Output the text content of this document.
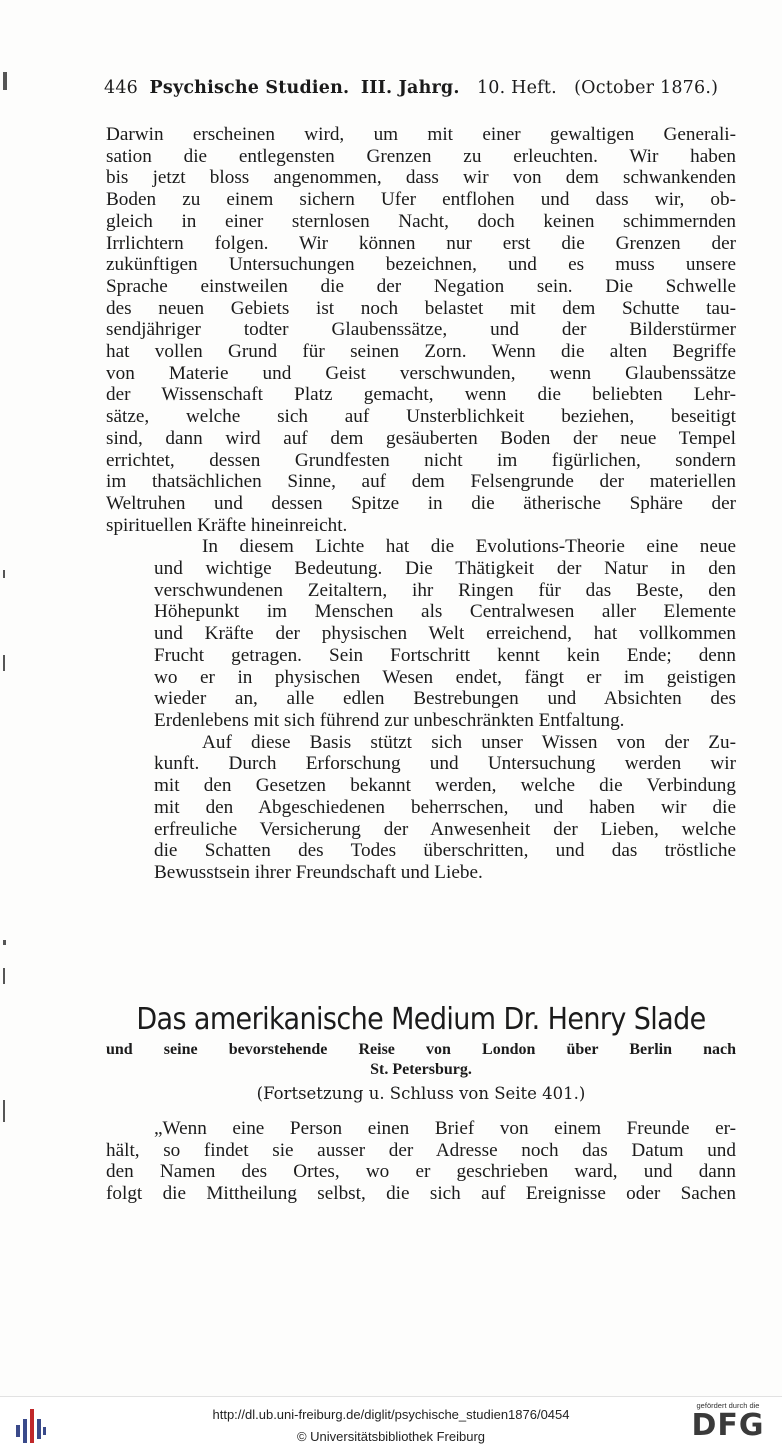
446 Psychische Studien. III. Jahrg. 10. Heft. (October 1876.)

Darwin erscheinen wird, um mit einer gewaltigen Generali-
sation die entlegensten Grenzen zu erleuchten. Wir haben
bis jetzt bloss angenommen, dass wir von dem schwankenden
Boden zu einem sichern Ufer entflohen und dass wir, ob-
gleich in einer sternlosen Nacht, doch keinen schimmernden
Irrlichtern folgen. Wir können nur erst die Grenzen der
zukünftigen Untersuchungen bezeichnen, und es muss unsere
Sprache einstweilen die der Negation sein. Die Schwelle
des neuen Gebiets ist noch belastet mit dem Schutte tau-
sendjähriger todter Glaubenssätze, und der Bilderstürmer
hat vollen Grund für seinen Zorn. Wenn die alten Begriffe
von Materie und Geist verschwunden, wenn Glaubenssätze
der Wissenschaft Platz gemacht, wenn die beliebten Lehr-
sätze, welche sich auf Unsterblichkeit beziehen, beseitigt
sind, dann wird auf dem gesäuberten Boden der neue Tempel
errichtet, dessen Grundfesten nicht im figürlichen, sondern
im thatsächlichen Sinne, auf dem Felsengrunde der materiellen
Weltruhen und dessen Spitze in die ätherische Sphäre der
spirituellen Kräfte hineinreicht.

In diesem Lichte hat die Evolutions-Theorie eine neue
und wichtige Bedeutung. Die Thätigkeit der Natur in den
verschwundenen Zeitaltern, ihr Ringen für das Beste, den
Höhepunkt im Menschen als Centralwesen aller Elemente
und Kräfte der physischen Welt erreichend, hat vollkommen
Frucht getragen. Sein Fortschritt kennt kein Ende; denn
wo er in physischen Wesen endet, fängt er im geistigen
wieder an, alle edlen Bestrebungen und Absichten des
Erdenlebens mit sich führend zur unbeschränkten Entfaltung.

Auf diese Basis stützt sich unser Wissen von der Zu-
kunft. Durch Erforschung und Untersuchung werden wir
mit den Gesetzen bekannt werden, welche die Verbindung
mit den Abgeschiedenen beherrschen, und haben wir die
erfreuliche Versicherung der Anwesenheit der Lieben, welche
die Schatten des Todes überschritten, und das tröstliche
Bewusstsein ihrer Freundschaft und Liebe.

Das amerikanische Medium Dr. Henry Slade
und seine bevorstehende Reise von London über Berlin nach
St. Petersburg.
(Fortsetzung u. Schluss von Seite 401.)

„Wenn eine Person einen Brief von einem Freunde er-
hält, so findet sie ausser der Adresse noch das Datum und
den Namen des Ortes, wo er geschrieben ward, und dann
folgt die Mittheilung selbst, die sich auf Ereignisse oder Sachen

http://dl.ub.uni-freiburg.de/diglit/psychische_studien1876/0454
© Universitätsbibliothek Freiburg
gefördert durch die
DFG
